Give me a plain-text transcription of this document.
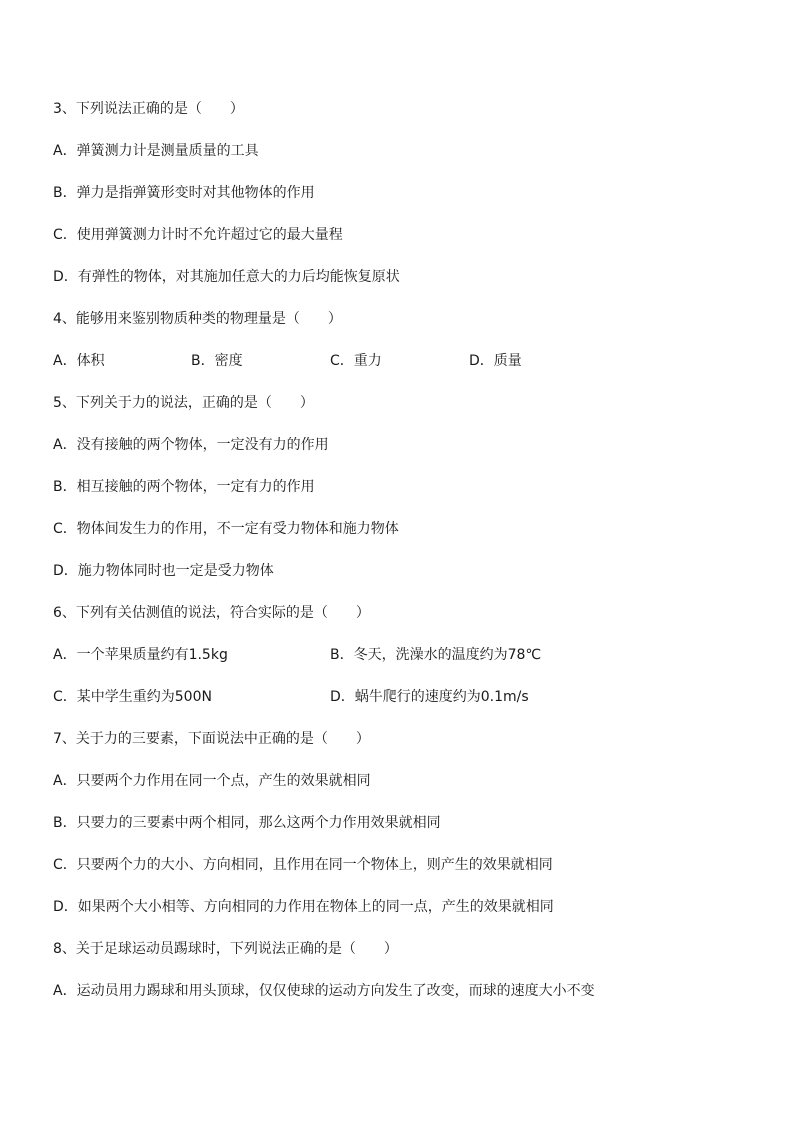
3、下列说法正确的是（　　）
A．弹簧测力计是测量质量的工具
B．弹力是指弹簧形变时对其他物体的作用
C．使用弹簧测力计时不允许超过它的最大量程
D．有弹性的物体，对其施加任意大的力后均能恢复原状
4、能够用来鉴别物质种类的物理量是（　　）
A．体积	B．密度	C．重力	D．质量
5、下列关于力的说法，正确的是（　　）
A．没有接触的两个物体，一定没有力的作用
B．相互接触的两个物体，一定有力的作用
C．物体间发生力的作用，不一定有受力物体和施力物体
D．施力物体同时也一定是受力物体
6、下列有关估测值的说法，符合实际的是（　　）
A．一个苹果质量约有1.5kg	B．冬天，洗澡水的温度约为78℃
C．某中学生重约为500N	D．蜗牛爬行的速度约为0.1m/s
7、关于力的三要素，下面说法中正确的是（　　）
A．只要两个力作用在同一个点，产生的效果就相同
B．只要力的三要素中两个相同，那么这两个力作用效果就相同
C．只要两个力的大小、方向相同，且作用在同一个物体上，则产生的效果就相同
D．如果两个大小相等、方向相同的力作用在物体上的同一点，产生的效果就相同
8、关于足球运动员踢球时，下列说法正确的是（　　）
A．运动员用力踢球和用头顶球，仅仅使球的运动方向发生了改变，而球的速度大小不变
